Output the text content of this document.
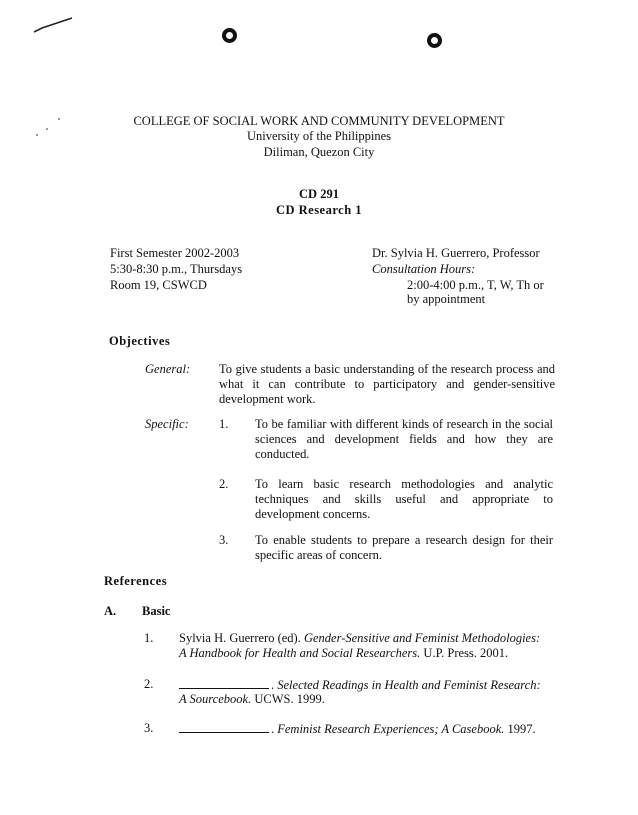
COLLEGE OF SOCIAL WORK AND COMMUNITY DEVELOPMENT
University of the Philippines
Diliman, Quezon City
CD 291
CD Research 1
First Semester 2002-2003
5:30-8:30 p.m., Thursdays
Room 19, CSWCD
Dr. Sylvia H. Guerrero, Professor
Consultation Hours:
2:00-4:00 p.m., T, W, Th or
by appointment
Objectives
General: To give students a basic understanding of the research process and what it can contribute to participatory and gender-sensitive development work.
Specific: 1. To be familiar with different kinds of research in the social sciences and development fields and how they are conducted.
2. To learn basic research methodologies and analytic techniques and skills useful and appropriate to development concerns.
3. To enable students to prepare a research design for their specific areas of concern.
References
A. Basic
1. Sylvia H. Guerrero (ed). Gender-Sensitive and Feminist Methodologies:
A Handbook for Health and Social Researchers. U.P. Press. 2001.
2.	. Selected Readings in Health and Feminist Research:
A Sourcebook. UCWS. 1999.
3.	. Feminist Research Experiences; A Casebook. 1997.
